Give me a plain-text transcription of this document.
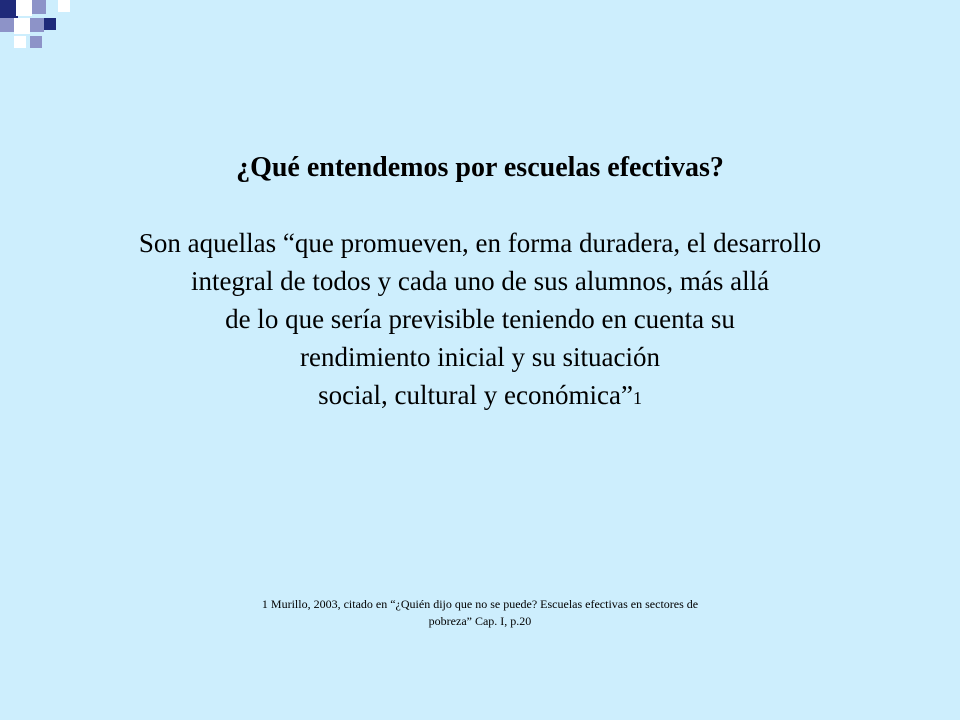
¿Qué entendemos por escuelas efectivas?
Son aquellas “que promueven, en forma duradera, el desarrollo
integral de todos y cada uno de sus alumnos, más allá
de lo que sería previsible teniendo en cuenta su
rendimiento inicial y su situación
social, cultural y económica”1
1 Murillo, 2003, citado en “¿Quién dijo que no se puede? Escuelas efectivas en sectores de
pobreza” Cap. I, p.20
